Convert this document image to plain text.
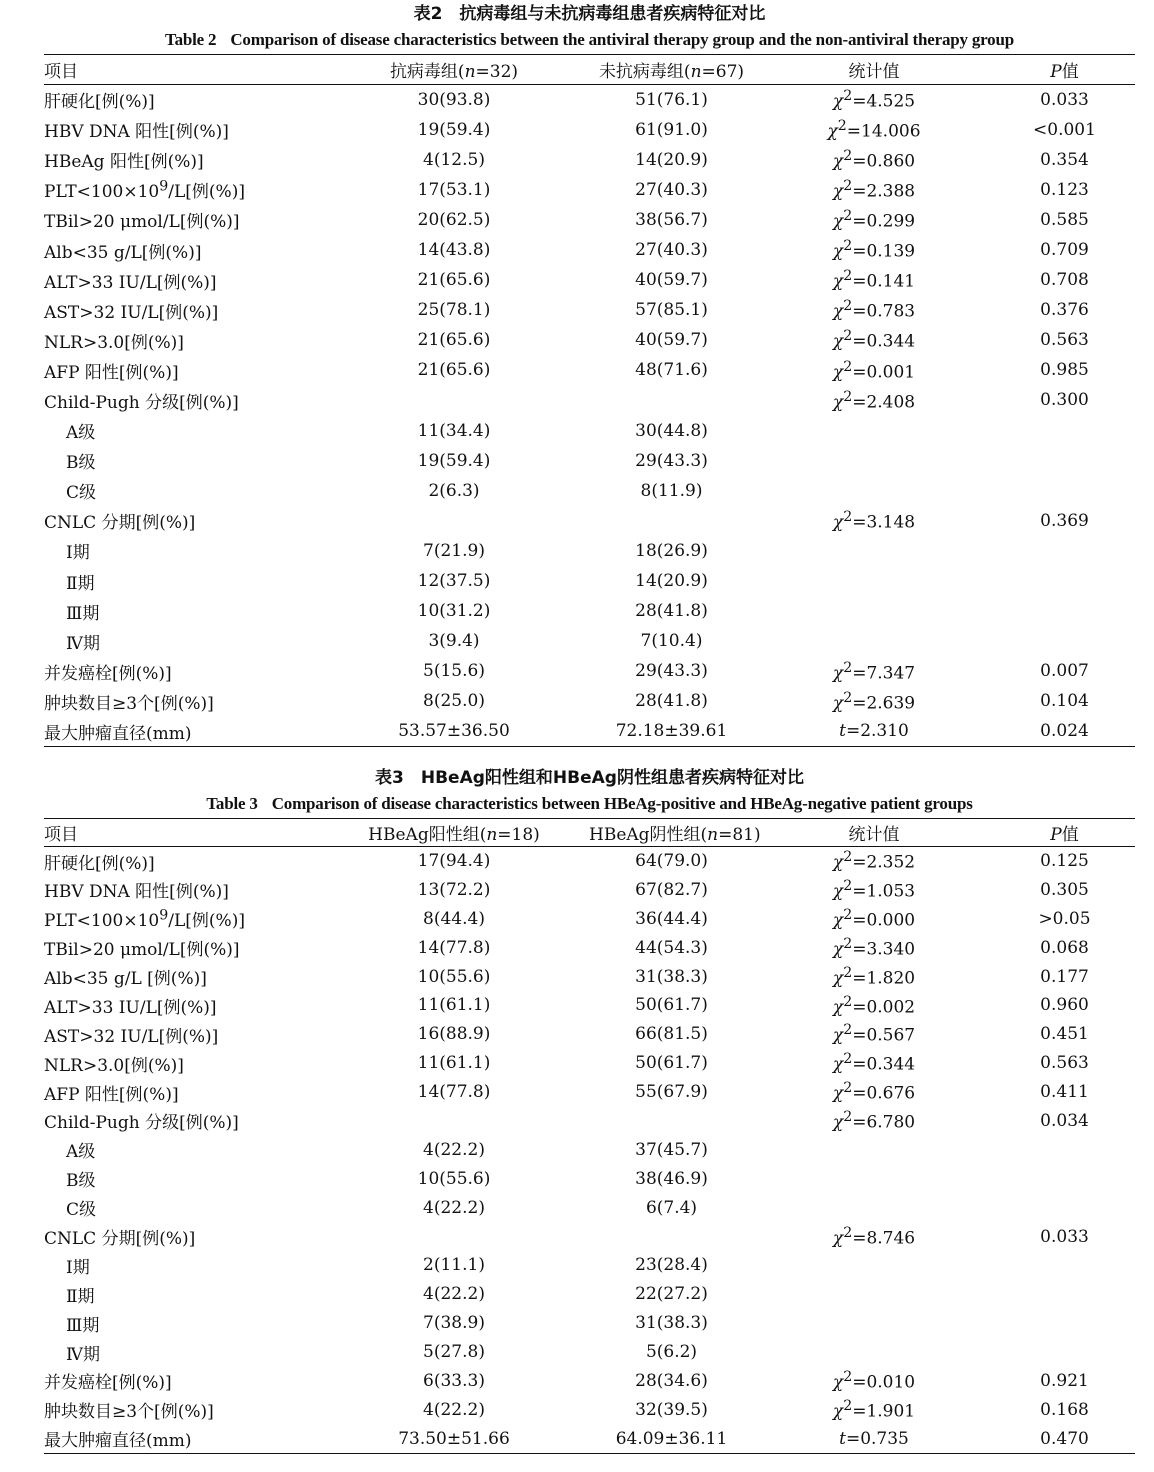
表2　抗病毒组与未抗病毒组患者疾病特征对比
Table 2 Comparison of disease characteristics between the antiviral therapy group and the non-antiviral therapy group
项目	抗病毒组(n=32)	未抗病毒组(n=67)	统计值	P值
肝硬化[例(%)]	30(93.8)	51(76.1)	$\chi^2=4.525$	0.033
HBV DNA 阳性[例(%)]	19(59.4)	61(91.0)	$\chi^2=14.006$	<0.001
HBeAg 阳性[例(%)]	4(12.5)	14(20.9)	$\chi^2=0.860$	0.354
$PLT<100\times 10^9/L$[例(%)]	17(53.1)	27(40.3)	$\chi^2=2.388$	0.123
TBil>20 μmol/L[例(%)]	20(62.5)	38(56.7)	$\chi^2=0.299$	0.585
Alb<35 g/L[例(%)]	14(43.8)	27(40.3)	$\chi^2=0.139$	0.709
ALT>33 IU/L[例(%)]	21(65.6)	40(59.7)	$\chi^2=0.141$	0.708
AST>32 IU/L[例(%)]	25(78.1)	57(85.1)	$\chi^2=0.783$	0.376
NLR>3.0[例(%)]	21(65.6)	40(59.7)	$\chi^2=0.344$	0.563
AFP 阳性[例(%)]	21(65.6)	48(71.6)	$\chi^2=0.001$	0.985
Child-Pugh 分级[例(%)]			$\chi^2=2.408$	0.300
A级	11(34.4)	30(44.8)		
B级	19(59.4)	29(43.3)		
C级	2(6.3)	8(11.9)		
CNLC 分期[例(%)]			$\chi^2=3.148$	0.369
Ⅰ期	7(21.9)	18(26.9)		
Ⅱ期	12(37.5)	14(20.9)		
Ⅲ期	10(31.2)	28(41.8)		
Ⅳ期	3(9.4)	7(10.4)		
并发癌栓[例(%)]	5(15.6)	29(43.3)	$\chi^2=7.347$	0.007
肿块数目≥3个[例(%)]	8(25.0)	28(41.8)	$\chi^2=2.639$	0.104
最大肿瘤直径(mm)	53.57±36.50	72.18±39.61	t=2.310	0.024
表3　HBeAg阳性组和HBeAg阴性组患者疾病特征对比
Table 3 Comparison of disease characteristics between HBeAg-positive and HBeAg-negative patient groups
项目	HBeAg阳性组(n=18)	HBeAg阴性组(n=81)	统计值	P值
肝硬化[例(%)]	17(94.4)	64(79.0)	$\chi^2=2.352$	0.125
HBV DNA 阳性[例(%)]	13(72.2)	67(82.7)	$\chi^2=1.053$	0.305
$PLT<100\times 10^9/L$[例(%)]	8(44.4)	36(44.4)	$\chi^2=0.000$	>0.05
TBil>20 μmol/L[例(%)]	14(77.8)	44(54.3)	$\chi^2=3.340$	0.068
Alb<35 g/L [例(%)]	10(55.6)	31(38.3)	$\chi^2=1.820$	0.177
ALT>33 IU/L[例(%)]	11(61.1)	50(61.7)	$\chi^2=0.002$	0.960
AST>32 IU/L[例(%)]	16(88.9)	66(81.5)	$\chi^2=0.567$	0.451
NLR>3.0[例(%)]	11(61.1)	50(61.7)	$\chi^2=0.344$	0.563
AFP 阳性[例(%)]	14(77.8)	55(67.9)	$\chi^2=0.676$	0.411
Child-Pugh 分级[例(%)]			$\chi^2=6.780$	0.034
A级	4(22.2)	37(45.7)		
B级	10(55.6)	38(46.9)		
C级	4(22.2)	6(7.4)		
CNLC 分期[例(%)]			$\chi^2=8.746$	0.033
Ⅰ期	2(11.1)	23(28.4)		
Ⅱ期	4(22.2)	22(27.2)		
Ⅲ期	7(38.9)	31(38.3)		
Ⅳ期	5(27.8)	5(6.2)		
并发癌栓[例(%)]	6(33.3)	28(34.6)	$\chi^2=0.010$	0.921
肿块数目≥3个[例(%)]	4(22.2)	32(39.5)	$\chi^2=1.901$	0.168
最大肿瘤直径(mm)	73.50±51.66	64.09±36.11	t=0.735	0.470
